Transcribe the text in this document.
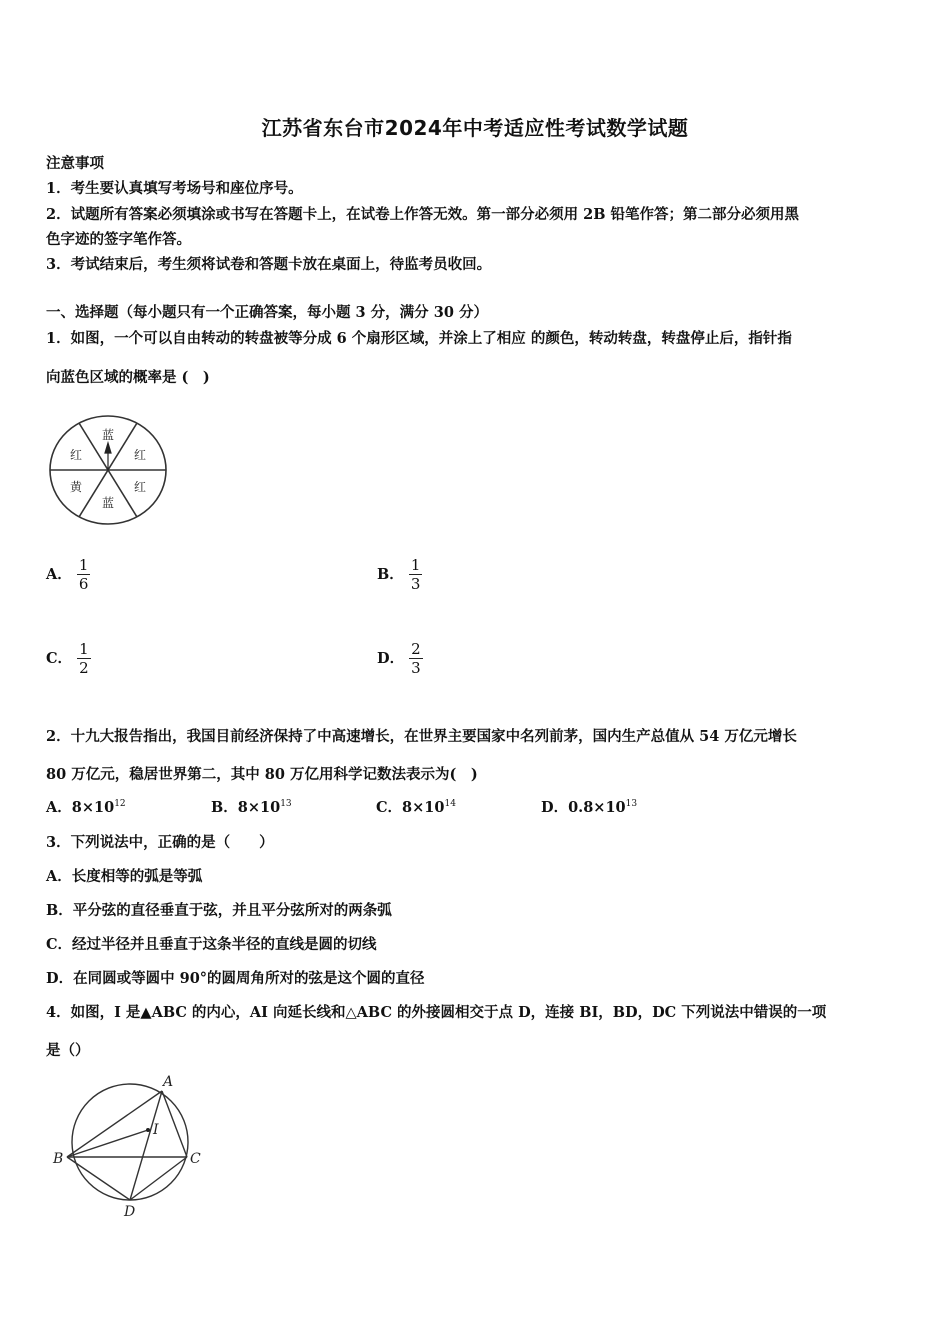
江苏省东台市2024年中考适应性考试数学试题
注意事项
1．考生要认真填写考场号和座位序号。
2．试题所有答案必须填涂或书写在答题卡上，在试卷上作答无效。第一部分必须用 2B 铅笔作答；第二部分必须用黑
色字迹的签字笔作答。
3．考试结束后，考生须将试卷和答题卡放在桌面上，待监考员收回。
一、选择题（每小题只有一个正确答案，每小题 3 分，满分 30 分）
1．如图，一个可以自由转动的转盘被等分成 6 个扇形区域，并涂上了相应 的颜色，转动转盘，转盘停止后，指针指
向蓝色区域的概率是 (　)
蓝
红
红
蓝
黄
红
A． $\frac{1}{6}$	B． $\frac{1}{3}$
C． $\frac{1}{2}$	D． $\frac{2}{3}$
2．十九大报告指出，我国目前经济保持了中高速增长，在世界主要国家中名列前茅，国内生产总值从 54 万亿元增长
80 万亿元，稳居世界第二，其中 80 万亿用科学记数法表示为(　)
A．$8\times 10^{12}$	B．$8\times 10^{13}$	C．$8\times 10^{14}$	D．$0.8\times 10^{13}$
3．下列说法中，正确的是（　　）
A．长度相等的弧是等弧
B．平分弦的直径垂直于弦，并且平分弦所对的两条弧
C．经过半径并且垂直于这条半径的直线是圆的切线
D．在同圆或等圆中 90°的圆周角所对的弦是这个圆的直径
4．如图，I 是▲ABC 的内心，AI 向延长线和△ABC 的外接圆相交于点 D，连接 BI，BD，DC 下列说法中错误的一项
是（）
A
I
B	C
D
